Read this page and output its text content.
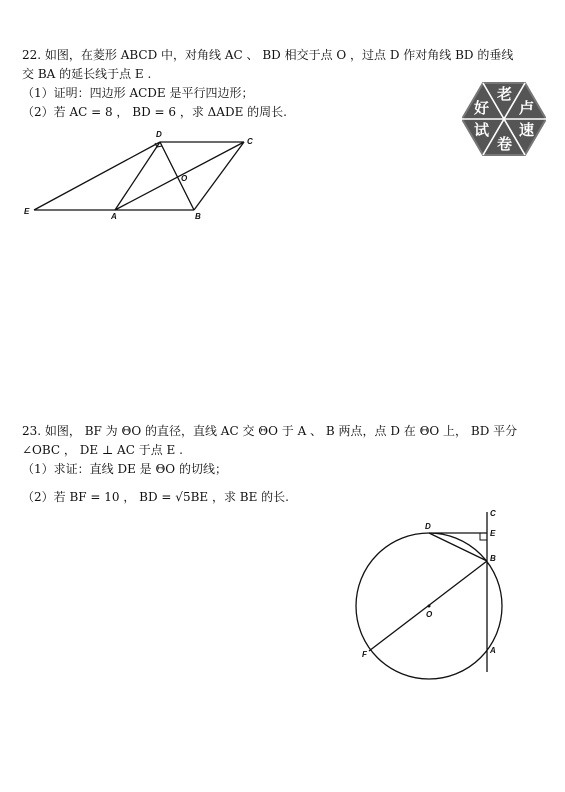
22. 如图，在菱形 ABCD 中，对角线 AC 、 BD 相交于点 O ，过点 D 作对角线 BD 的垂线
交 BA 的延长线于点 E .
（1）证明：四边形 ACDE 是平行四边形；
（2）若 AC = 8 ， BD = 6 ，求 ΔADE 的周长.
老
好 卢
试 速
卷
D
C
O
E
A	B
23. 如图， BF 为 ΘO 的直径，直线 AC 交 ΘO 于 A 、 B 两点，点 D 在 ΘO 上， BD 平分
∠OBC ， DE ⊥ AC 于点 E .
（1）求证：直线 DE 是 ΘO 的切线；
（2）若 BF = 10 ， BD = √5BE ，求 BE 的长.
C
D
E
B
O
F	A
